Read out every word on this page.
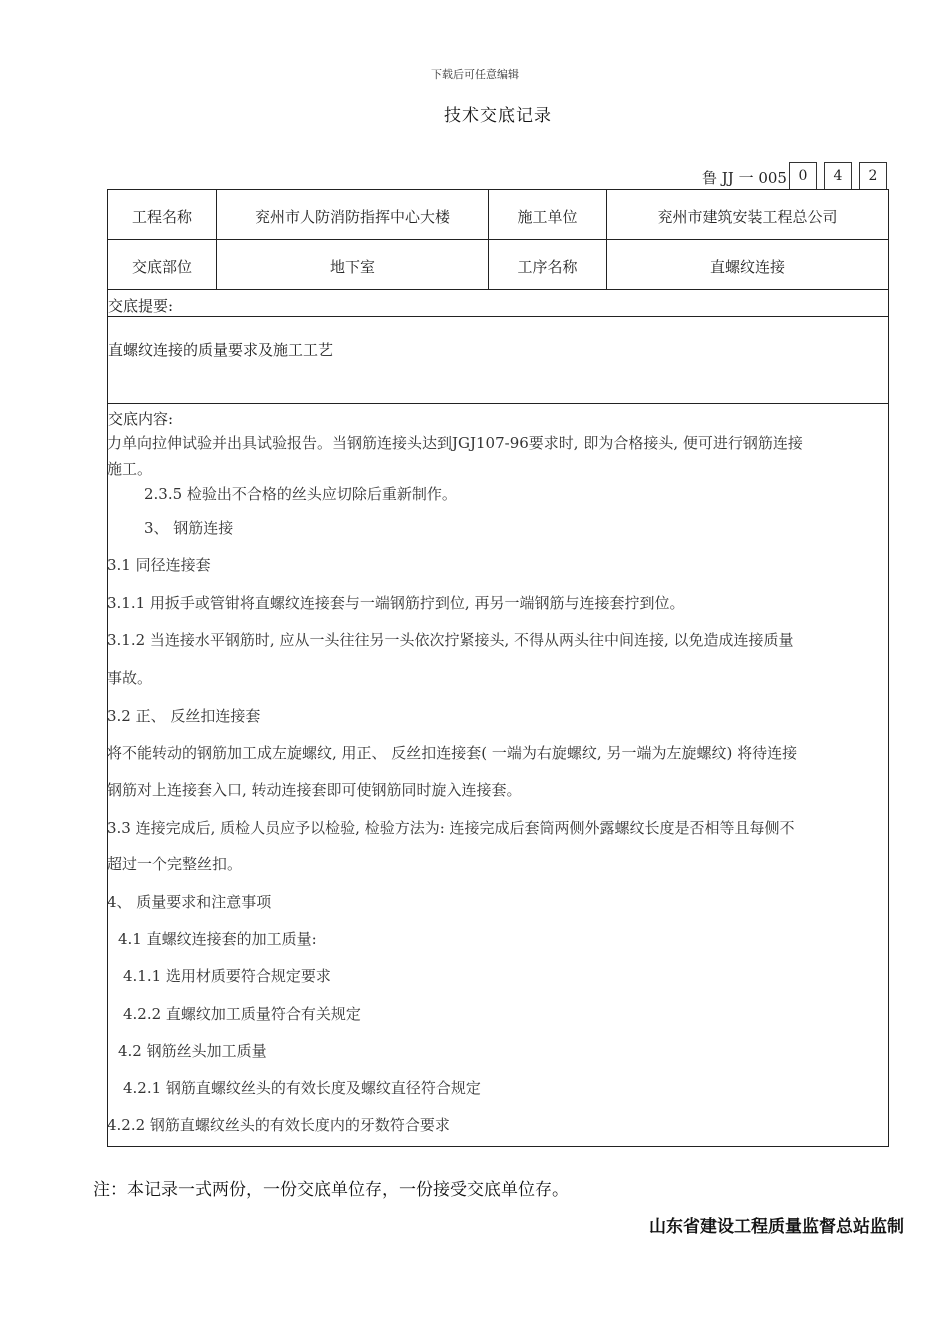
下载后可任意编辑
技术交底记录
鲁 JJ 一 005 0	4	2
工程名称	兖州市人防消防指挥中心大楼	施工单位	兖州市建筑安装工程总公司
交底部位	地下室	工序名称	直螺纹连接
交底提要:
直螺纹连接的质量要求及施工工艺
交底内容:
力单向拉伸试验并出具试验报告。当钢筋连接头达到JGJ107-96要求时, 即为合格接头, 便可进行钢筋连接
施工。
2.3.5 检验出不合格的丝头应切除后重新制作。
3、 钢筋连接
3.1 同径连接套
3.1.1 用扳手或管钳将直螺纹连接套与一端钢筋拧到位, 再另一端钢筋与连接套拧到位。
3.1.2 当连接水平钢筋时, 应从一头往往另一头依次拧紧接头, 不得从两头往中间连接, 以免造成连接质量
事故。
3.2 正、 反丝扣连接套
将不能转动的钢筋加工成左旋螺纹, 用正、 反丝扣连接套( 一端为右旋螺纹, 另一端为左旋螺纹) 将待连接
钢筋对上连接套入口, 转动连接套即可使钢筋同时旋入连接套。
3.3 连接完成后, 质检人员应予以检验, 检验方法为: 连接完成后套筒两侧外露螺纹长度是否相等且每侧不
超过一个完整丝扣。
4、 质量要求和注意事项
4.1 直螺纹连接套的加工质量:
4.1.1 选用材质要符合规定要求
4.2.2 直螺纹加工质量符合有关规定
4.2 钢筋丝头加工质量
4.2.1 钢筋直螺纹丝头的有效长度及螺纹直径符合规定
4.2.2 钢筋直螺纹丝头的有效长度内的牙数符合要求
注：本记录一式两份，一份交底单位存，一份接受交底单位存。
山东省建设工程质量监督总站监制
